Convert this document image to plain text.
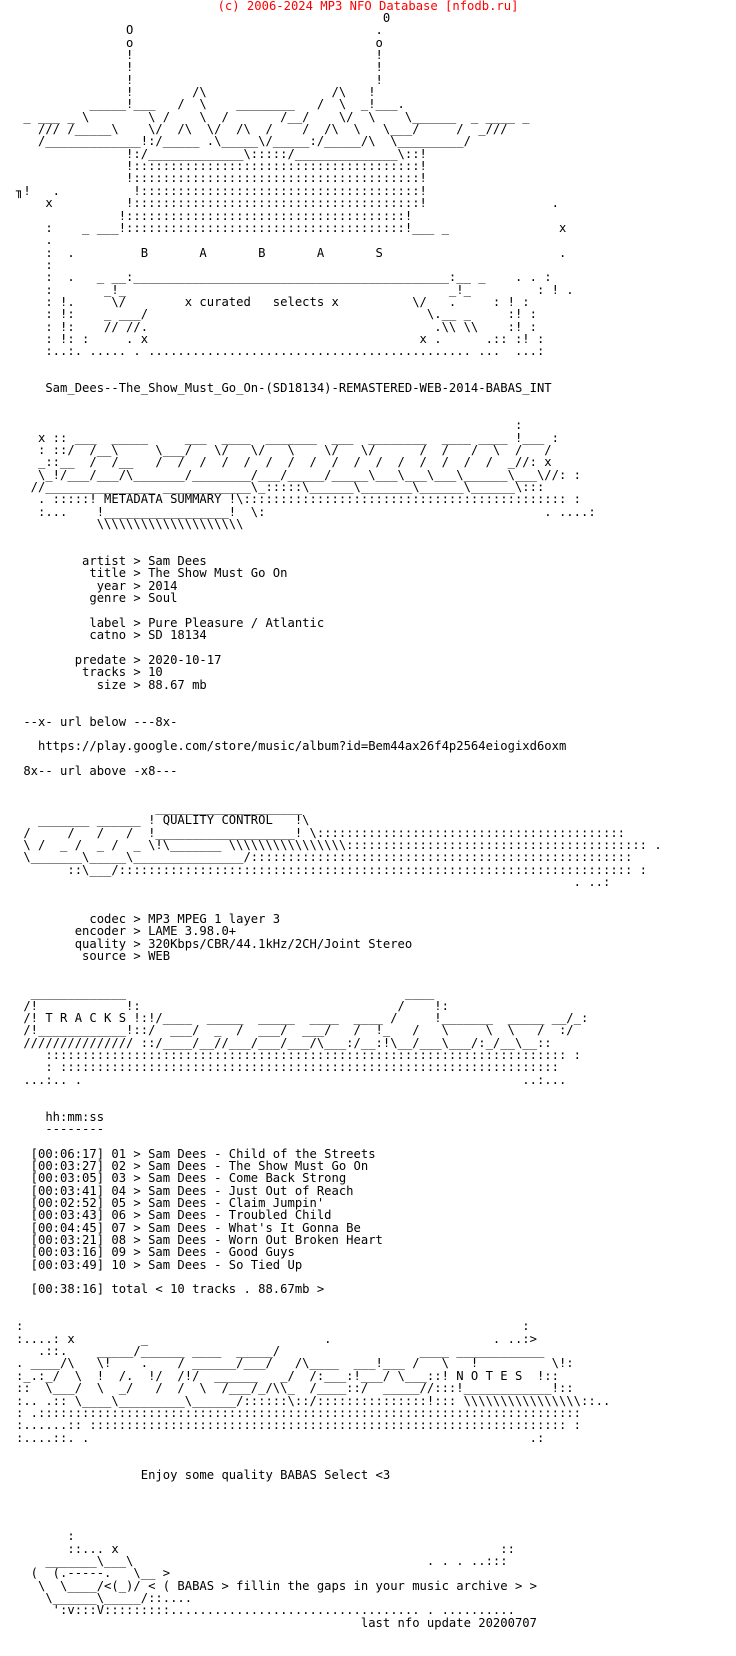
(c) 2006-2024 MP3 NFO Database [nfodb.ru]
0
O                                 .
o                                 o
!                                 !
!                                 !
!                                 !
!        /\                 /\   !
_____!___   /  \    ________   /  \  _!___.
_ ___ _ \        \ /    \  /       /__/    \/  \    \______  _ ____ _
/// /_____\    \/  /\  \/  /\  /    /  /\  \   \___/     /  _///
/_____________!:/_____ .\_____\/_____:/_____/\  \_________/
!:/_____________\:::::/______________\::!
!:::::::::::::::::::::::::::::::::::::::!
!:::::::::::::::::::::::::::::::::::::::!
╖!   .          !::::::::::::::::::::::::::::::::::::::!
x          !:::::::::::::::::::::::::::::::::::::::!                 .
!::::::::::::::::::::::::::::::::::::::!
:    _ ___!::::::::::::::::::::::::::::::::::::::!___ _               x
.
:  .         B       A       B       A       S                        .
:
:  .   _ __:___________________________________________:__ _    . . :
:       _!_                                            _!_         : ! .
: !.     \/        x curated   selects x          \/   .     : ! :
: !:    _ ___/                                      \.__ _     :! :
: !:    // //.                                       .\\ \\    :! :
: !: :     . x                                     x .      .:: :! :
:..:. ..... . ............................................ ...  ...:

Sam_Dees--The_Show_Must_Go_On-(SD18134)-REMASTERED-WEB-2014-BABAS_INT

:
x :: ___  _____     ___  ____  _______  ___  ________  ____ ____ !___ :
: ::/  /__\     \___/   \/   \/   \    \/   \/      /  /   /  \  /   /
_::__  /  /__   /  /  /  /  /  /  /  /  /  /  /  /  /  /  /  /  _//: x
\_!/___/___/\_______/________/___/_____/_____\___\___\___\______\___\//: :
//_______________ ____________\_:::::\______\_______\______\______\:::
. :::::! METADATA SUMMARY !\:::::::::::::::::::::::::::::::::::::::::::: :
:...    !_________________!  \:                                      . ....:
\\\\\\\\\\\\\\\\\\\\

artist > Sam Dees
title > The Show Must Go On
year > 2014
genre > Soul

label > Pure Pleasure / Atlantic
catno > SD 18134

predate > 2020-10-17
tracks > 10
size > 88.67 mb

--x- url below ---8x-

https://play.google.com/store/music/album?id=Bem44ax26f4p2564eiogixd6oxm

8x-- url above -x8---

____________________
_______ ______ ! QUALITY CONTROL   !\
/     /   /   /  !___________________! \::::::::::::::::::::::::::::::::::::::::::
\ /  _ /  _ /  _ \!\_______ \\\\\\\\\\\\\\\\::::::::::::::::::::::::::::::::::::::::: .
\_______\_____\_______________/::::::::::::::::::::::::::::::::::::::::::::::::::::
::\___/:::::::::::::::::::::::::::::::::::::::::::::::::::::::::::::::::::::: :
. ..:

codec > MP3 MPEG 1 layer 3
encoder > LAME 3.98.0+
quality > 320Kbps/CBR/44.1kHz/2CH/Joint Stereo
source > WEB

_____________                                      ____
/!            !:                                   /    !:
/! T R A C K S !:!/____  _____  _____  ____  ____ /     !_______  _____ __/_:
/!____________!::/  ___/  _  /  ___/  ___/   /  !_   /   \     \  \   /  :/
/////////////// ::/____/__//___/___/___/\___:/__:!\__/___\___/:_/__\__::
::::::::::::::::::::::::::::::::::::::::::::::::::::::::::::::::::::::: :
: ::::::::::::::::::::::::::::::::::::::::::::::::::::::::::::::::::::
...:.. .                                                            ..:...

hh:mm:ss
--------

[00:06:17] 01 > Sam Dees - Child of the Streets
[00:03:27] 02 > Sam Dees - The Show Must Go On
[00:03:05] 03 > Sam Dees - Come Back Strong
[00:03:41] 04 > Sam Dees - Just Out of Reach
[00:02:52] 05 > Sam Dees - Claim Jumpin'
[00:03:43] 06 > Sam Dees - Troubled Child
[00:04:45] 07 > Sam Dees - What's It Gonna Be
[00:03:21] 08 > Sam Dees - Worn Out Broken Heart
[00:03:16] 09 > Sam Dees - Good Guys
[00:03:49] 10 > Sam Dees - So Tied Up

[00:38:16] total < 10 tracks . 88.67mb >

:                                                                    :
:....: x         _                        .                      . ..:>
.::.    _____/______ ____  _____/                   ____ ____________
. ____/\   \!    .    / ______/___/   /\____  ___!___ /   \   !          \!:
:_.:_/  \  !  /.  !/  /!/  ______   _/  /:___:!___/ \___::! N O T E S  !::
::  \___/  \  _/   /  /  \  /___/_/\\_  /____::/  _____//:::!____________!::
:.. .:: \____\_________\______/::::::\::/:::::::::::::::!::: \\\\\\\\\\\\\\\\::..
: .::::::::::::::::::::::::::::::::::::::::::::::::::::::::::::::::::::::::::
:......:: ::::::::::::::::::::::::::::::::::::::::::::::::::::::::::::::::: :
:....::. .                                                            .:

Enjoy some quality BABAS Select <3

:
::... x                                                    ::
_______\___\                                        . . . ..:::
(  (.-----.   \__ >
\  \____/<(_)/ < ( BABAS > fillin the gaps in your music archive > >
\______\_____/::....
':v:::V:::::::::.................................. . ..........
last nfo update 20200707
